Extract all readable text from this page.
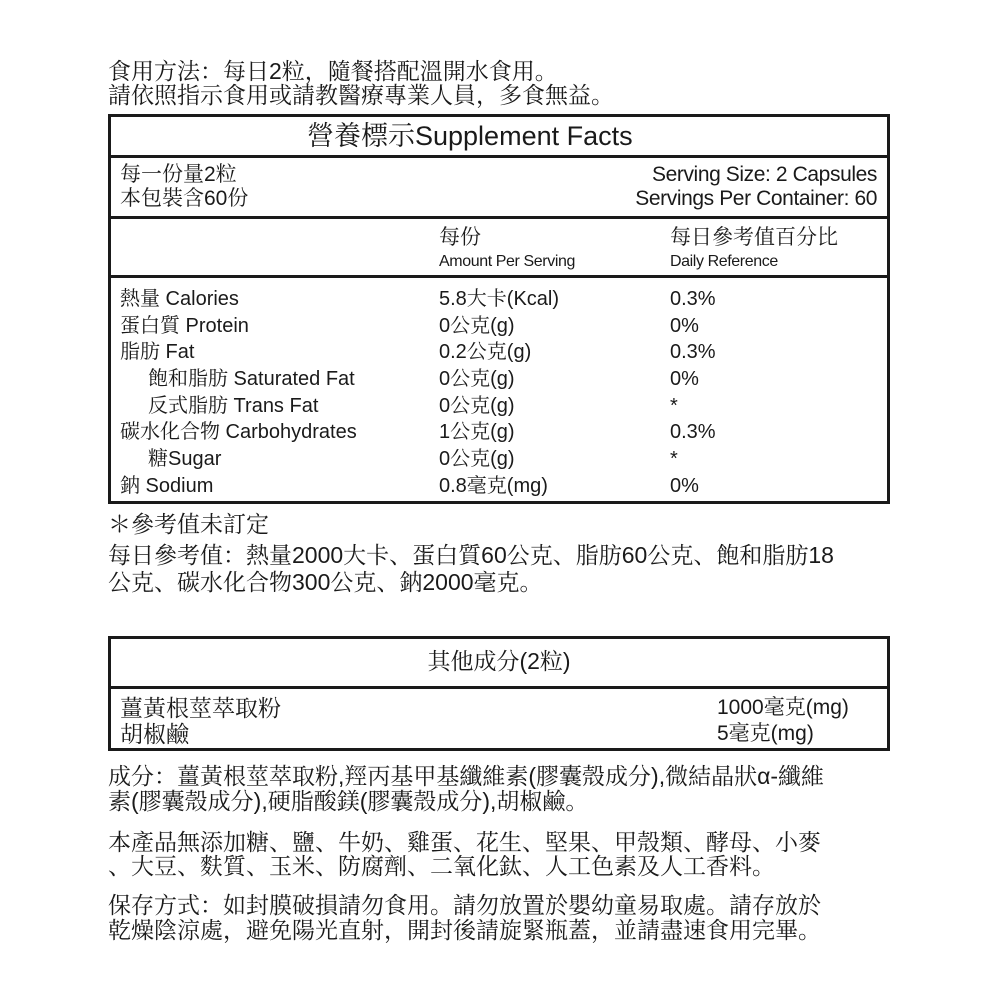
食用方法：每日2粒，隨餐搭配溫開水食用。
請依照指示食用或請教醫療專業人員，多食無益。
營養標示Supplement Facts
每一份量2粒
本包裝含60份
Serving Size: 2 Capsules
Servings Per Container: 60
每份
Amount Per Serving
每日參考值百分比
Daily Reference
熱量 Calories	5.8大卡(Kcal)	0.3%
蛋白質 Protein	0公克(g)	0%
脂肪 Fat	0.2公克(g)	0.3%
飽和脂肪 Saturated Fat	0公克(g)	0%
反式脂肪 Trans Fat	0公克(g)	*
碳水化合物 Carbohydrates	1公克(g)	0.3%
糖Sugar	0公克(g)	*
鈉 Sodium	0.8毫克(mg)	0%
＊參考值未訂定
每日參考值：熱量2000大卡、蛋白質60公克、脂肪60公克、飽和脂肪18
公克、碳水化合物300公克、鈉2000毫克。
其他成分(2粒)
薑黃根莖萃取粉	1000毫克(mg)
胡椒鹼	5毫克(mg)
成分：薑黃根莖萃取粉,羥丙基甲基纖維素(膠囊殼成分),微結晶狀α-纖維
素(膠囊殼成分),硬脂酸鎂(膠囊殼成分),胡椒鹼。
本產品無添加糖、鹽、牛奶、雞蛋、花生、堅果、甲殼類、酵母、小麥
、大豆、麩質、玉米、防腐劑、二氧化鈦、人工色素及人工香料。
保存方式：如封膜破損請勿食用。請勿放置於嬰幼童易取處。請存放於
乾燥陰涼處，避免陽光直射，開封後請旋緊瓶蓋，並請盡速食用完畢。
